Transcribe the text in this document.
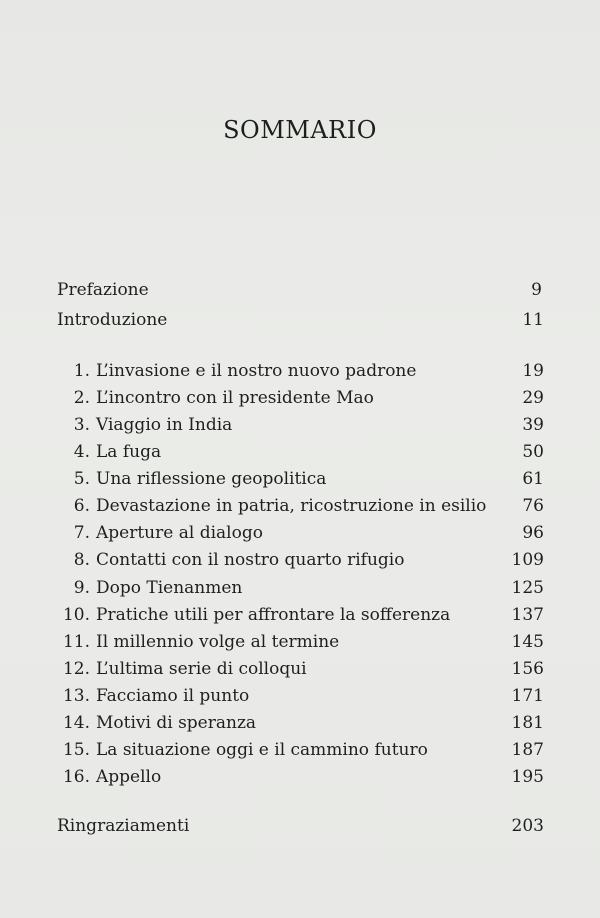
SOMMARIO
Prefazione	9
Introduzione	11
1. L’invasione e il nostro nuovo padrone	19
2. L’incontro con il presidente Mao	29
3. Viaggio in India	39
4. La fuga	50
5. Una riflessione geopolitica	61
6. Devastazione in patria, ricostruzione in esilio 76
7. Aperture al dialogo	96
8. Contatti con il nostro quarto rifugio	109
9. Dopo Tienanmen	125
10. Pratiche utili per affrontare la sofferenza	137
11. Il millennio volge al termine	145
12. L’ultima serie di colloqui	156
13. Facciamo il punto	171
14. Motivi di speranza	181
15. La situazione oggi e il cammino futuro	187
16. Appello	195
Ringraziamenti	203
